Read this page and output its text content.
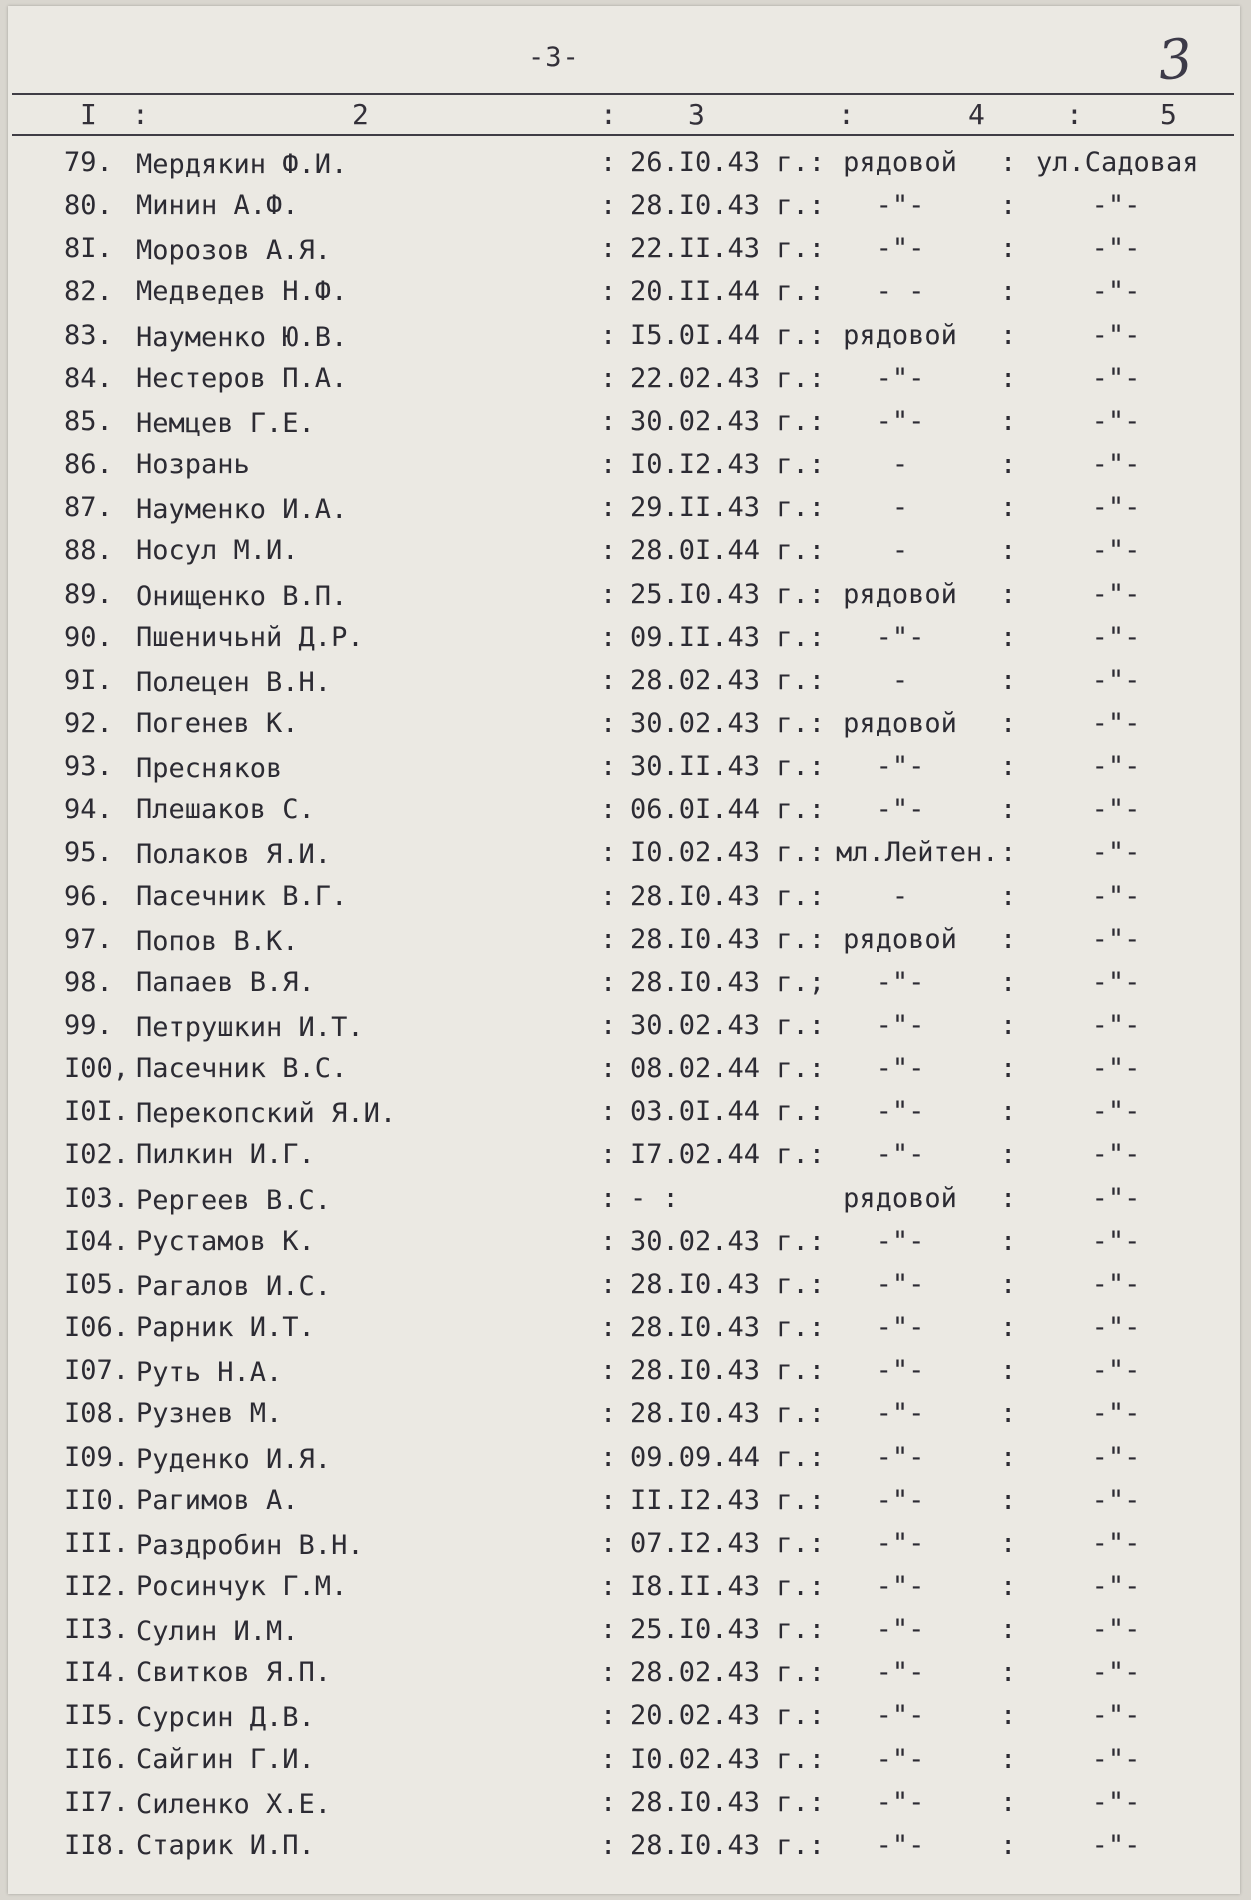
-3-	3
I :	2	:	3	:	4	:	5
79. Мердякин Ф.И.	: 26.I0.43 г.: рядовой : ул.Садовая
80. Минин А.Ф.	: 28.I0.43 г.:	-"-	:	-"-
8I. Морозов А.Я.	: 22.II.43 г.:	-"-	:	-"-
82. Медведев Н.Ф.	: 20.II.44 г.:	- -	:	-"-
83. Науменко Ю.В.	: I5.0I.44 г.: рядовой :	-"-
84. Нестеров П.А.	: 22.02.43 г.:	-"-	:	-"-
85. Немцев Г.Е.	: 30.02.43 г.:	-"-	:	-"-
86. Нозрань	: I0.I2.43 г.:	-	:	-"-
87. Науменко И.А.	: 29.II.43 г.:	-	:	-"-
88. Носул М.И.	: 28.0I.44 г.:	-	:	-"-
89. Онищенко В.П.	: 25.I0.43 г.: рядовой :	-"-
90. Пшеничьнй Д.Р.	: 09.II.43 г.:	-"-	:	-"-
9I. Полецен В.Н.	: 28.02.43 г.:	-	:	-"-
92. Погенев К.	: 30.02.43 г.: рядовой :	-"-
93. Пресняков	: 30.II.43 г.:	-"-	:	-"-
94. Плешаков С.	: 06.0I.44 г.:	-"-	:	-"-
95. Полаков Я.И.	: I0.02.43 г.: мл.Лейтен. :	-"-
96. Пасечник В.Г.	: 28.I0.43 г.:	-	:	-"-
97. Попов В.К.	: 28.I0.43 г.: рядовой :	-"-
98. Папаев В.Я.	: 28.I0.43 г.;	-"-	:	-"-
99. Петрушкин И.Т.	: 30.02.43 г.:	-"-	:	-"-
I00, Пасечник В.С.	: 08.02.44 г.:	-"-	:	-"-
I0I. Перекопский Я.И.	: 03.0I.44 г.:	-"-	:	-"-
I02. Пилкин И.Г.	: I7.02.44 г.:	-"-	:	-"-
I03. Рергеев В.С.	: - :	рядовой :	-"-
I04. Рустамов К.	: 30.02.43 г.:	-"-	:	-"-
I05. Рагалов И.С.	: 28.I0.43 г.:	-"-	:	-"-
I06. Рарник И.Т.	: 28.I0.43 г.:	-"-	:	-"-
I07. Руть Н.А.	: 28.I0.43 г.:	-"-	:	-"-
I08. Рузнев М.	: 28.I0.43 г.:	-"-	:	-"-
I09. Руденко И.Я.	: 09.09.44 г.:	-"-	:	-"-
II0. Рагимов А.	: II.I2.43 г.:	-"-	:	-"-
III. Раздробин В.Н.	: 07.I2.43 г.:	-"-	:	-"-
II2. Росинчук Г.М.	: I8.II.43 г.:	-"-	:	-"-
II3. Сулин И.М.	: 25.I0.43 г.:	-"-	:	-"-
II4. Свитков Я.П.	: 28.02.43 г.:	-"-	:	-"-
II5. Сурсин Д.В.	: 20.02.43 г.:	-"-	:	-"-
II6. Сайгин Г.И.	: I0.02.43 г.:	-"-	:	-"-
II7. Силенко Х.Е.	: 28.I0.43 г.:	-"-	:	-"-
II8. Старик И.П.	: 28.I0.43 г.:	-"-	:	-"-
